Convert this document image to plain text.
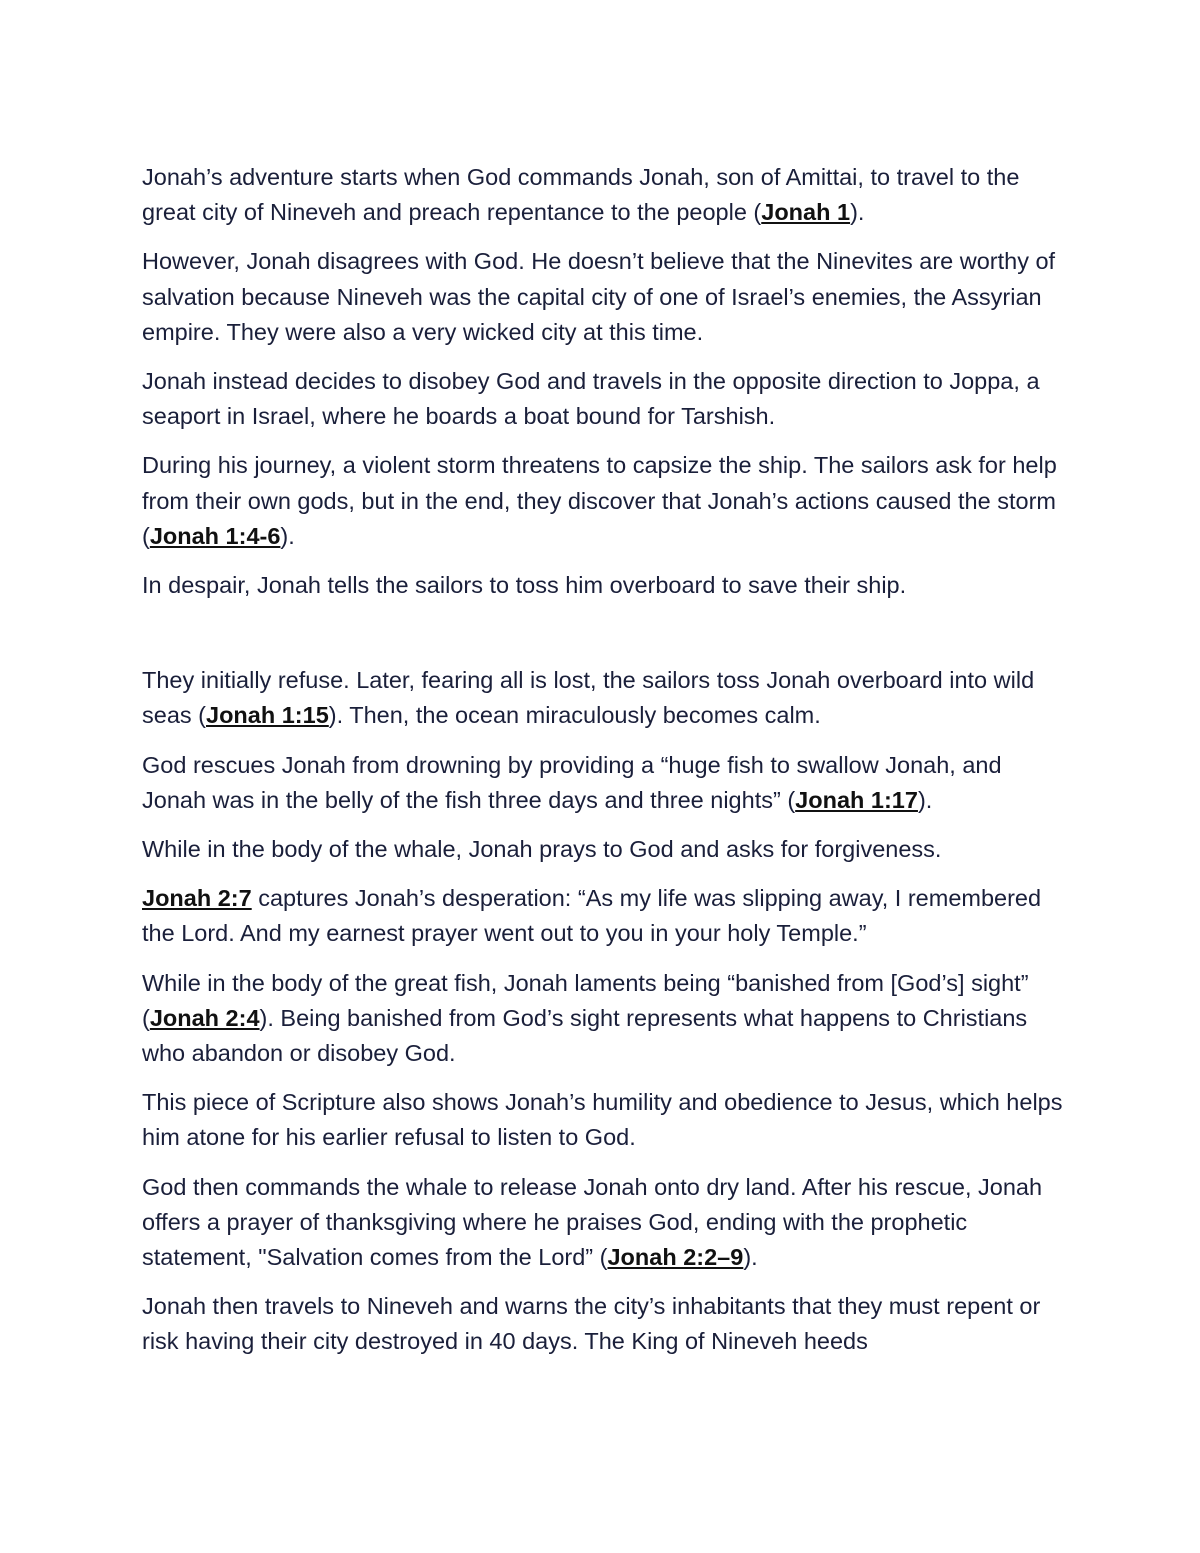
Jonah’s adventure starts when God commands Jonah, son of Amittai, to travel to the great city of Nineveh and preach repentance to the people (Jonah 1).

However, Jonah disagrees with God. He doesn’t believe that the Ninevites are worthy of salvation because Nineveh was the capital city of one of Israel’s enemies, the Assyrian empire. They were also a very wicked city at this time.

Jonah instead decides to disobey God and travels in the opposite direction to Joppa, a seaport in Israel, where he boards a boat bound for Tarshish.

During his journey, a violent storm threatens to capsize the ship. The sailors ask for help from their own gods, but in the end, they discover that Jonah’s actions caused the storm (Jonah 1:4-6).

In despair, Jonah tells the sailors to toss him overboard to save their ship.

They initially refuse. Later, fearing all is lost, the sailors toss Jonah overboard into wild seas (Jonah 1:15). Then, the ocean miraculously becomes calm.

God rescues Jonah from drowning by providing a “huge fish to swallow Jonah, and Jonah was in the belly of the fish three days and three nights” (Jonah 1:17).

While in the body of the whale, Jonah prays to God and asks for forgiveness.

Jonah 2:7 captures Jonah’s desperation: “As my life was slipping away, I remembered the Lord. And my earnest prayer went out to you in your holy Temple.”

While in the body of the great fish, Jonah laments being “banished from [God’s] sight” (Jonah 2:4). Being banished from God’s sight represents what happens to Christians who abandon or disobey God.

This piece of Scripture also shows Jonah’s humility and obedience to Jesus, which helps him atone for his earlier refusal to listen to God.

God then commands the whale to release Jonah onto dry land. After his rescue, Jonah offers a prayer of thanksgiving where he praises God, ending with the prophetic statement, "Salvation comes from the Lord” (Jonah 2:2–9).

Jonah then travels to Nineveh and warns the city’s inhabitants that they must repent or risk having their city destroyed in 40 days. The King of Nineveh heeds
